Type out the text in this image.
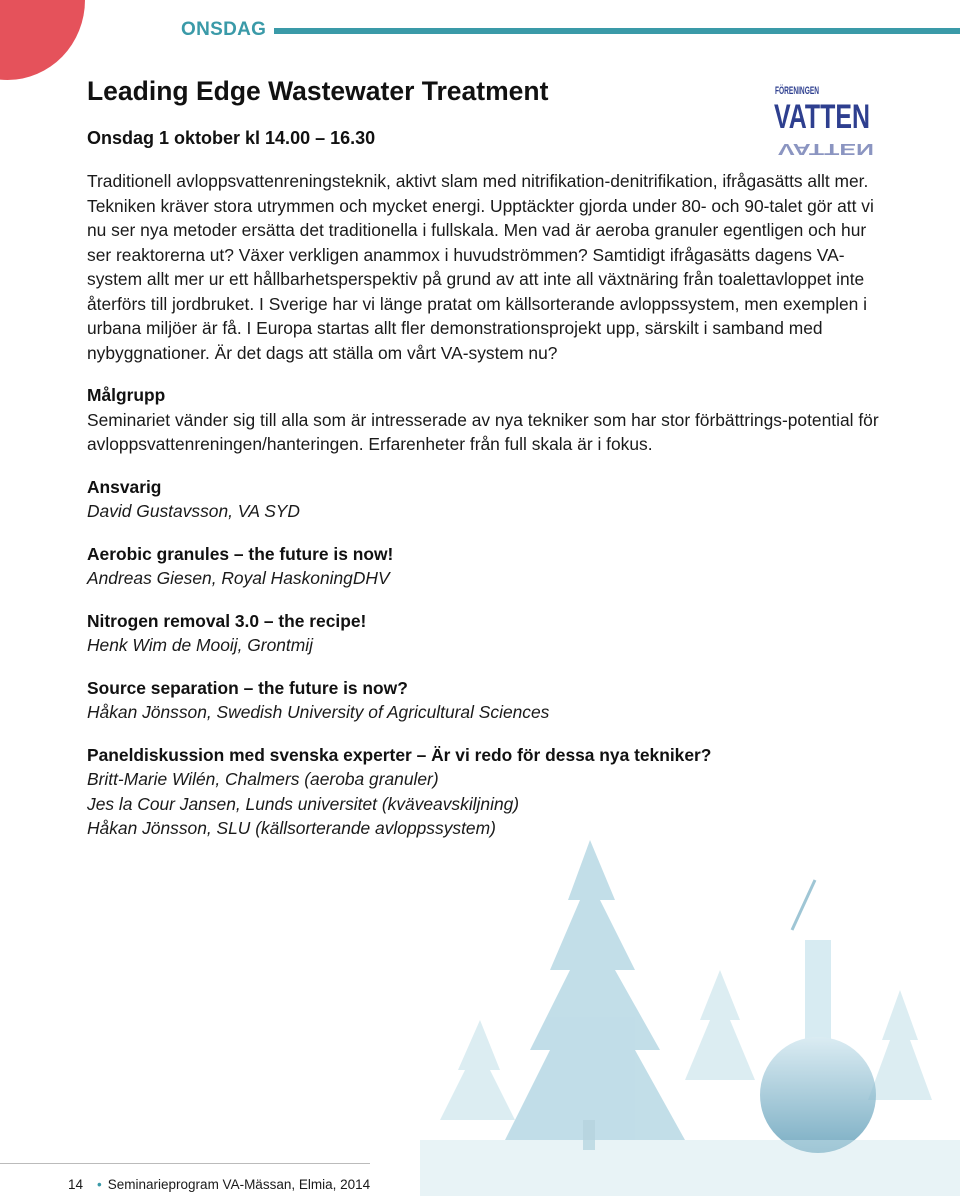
ONSDAG
FÖRENINGEN
VATTEN
VATTEN
Leading Edge Wastewater Treatment

Onsdag 1 oktober kl 14.00 – 16.30

Traditionell avloppsvattenreningsteknik, aktivt slam med nitrifikation-denitrifikation, ifrågasätts allt mer. Tekniken kräver stora utrymmen och mycket energi. Upptäckter gjorda under 80- och 90-talet gör att vi nu ser nya metoder ersätta det traditionella i fullskala. Men vad är aeroba granuler egentligen och hur ser reaktorerna ut? Växer verkligen anammox i huvudströmmen? Samtidigt ifrågasätts dagens VA-system allt mer ur ett hållbarhetsperspektiv på grund av att inte all växtnäring från toalettavloppet inte återförs till jordbruket. I Sverige har vi länge pratat om källsorterande avloppssystem, men exemplen i urbana miljöer är få. I Europa startas allt fler demonstrationsprojekt upp, särskilt i samband med nybyggnationer. Är det dags att ställa om vårt VA-system nu?

Målgrupp

Seminariet vänder sig till alla som är intresserade av nya tekniker som har stor förbättrings-potential för avloppsvattenreningen/hanteringen. Erfarenheter från full skala är i fokus.

Ansvarig

David Gustavsson, VA SYD

Aerobic granules – the future is now!

Andreas Giesen, Royal HaskoningDHV

Nitrogen removal 3.0 – the recipe!

Henk Wim de Mooij, Grontmij

Source separation – the future is now?

Håkan Jönsson, Swedish University of Agricultural Sciences

Paneldiskussion med svenska experter – Är vi redo för dessa nya tekniker?

Britt-Marie Wilén, Chalmers (aeroba granuler)

Jes la Cour Jansen, Lunds universitet (kväveavskiljning)

Håkan Jönsson, SLU (källsorterande avloppssystem)

14 • Seminarieprogram VA-Mässan, Elmia, 2014
